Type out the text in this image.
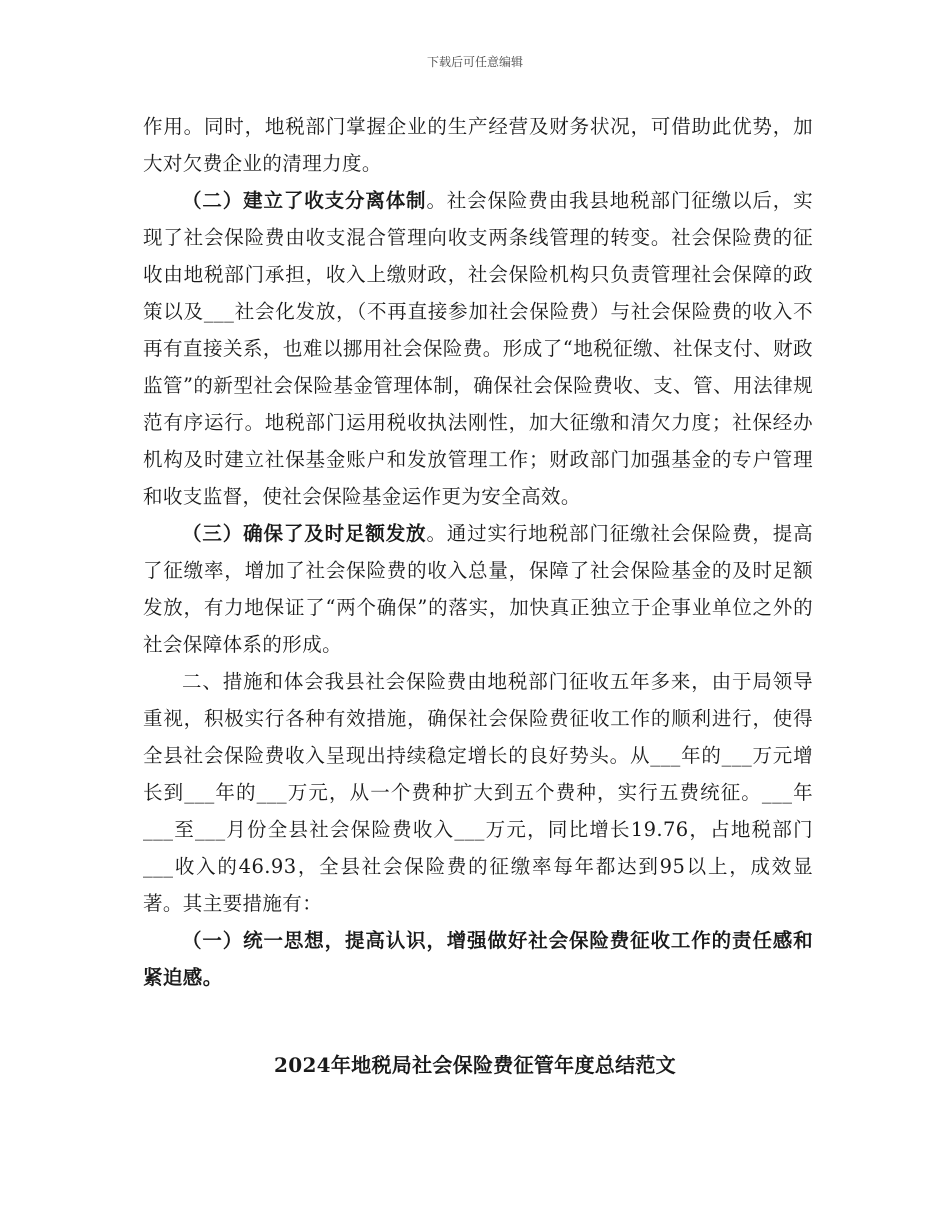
下载后可任意编辑

作用。同时，地税部门掌握企业的生产经营及财务状况，可借助此优势，加大对欠费企业的清理力度。

（二）建立了收支分离体制。社会保险费由我县地税部门征缴以后，实现了社会保险费由收支混合管理向收支两条线管理的转变。社会保险费的征收由地税部门承担，收入上缴财政，社会保险机构只负责管理社会保障的政策以及___社会化发放，（不再直接参加社会保险费）与社会保险费的收入不再有直接关系，也难以挪用社会保险费。形成了“地税征缴、社保支付、财政监管”的新型社会保险基金管理体制，确保社会保险费收、支、管、用法律规范有序运行。地税部门运用税收执法刚性，加大征缴和清欠力度；社保经办机构及时建立社保基金账户和发放管理工作；财政部门加强基金的专户管理和收支监督，使社会保险基金运作更为安全高效。

（三）确保了及时足额发放。通过实行地税部门征缴社会保险费，提高了征缴率，增加了社会保险费的收入总量，保障了社会保险基金的及时足额发放，有力地保证了“两个确保”的落实，加快真正独立于企事业单位之外的社会保障体系的形成。

二、措施和体会我县社会保险费由地税部门征收五年多来，由于局领导重视，积极实行各种有效措施，确保社会保险费征收工作的顺利进行，使得全县社会保险费收入呈现出持续稳定增长的良好势头。从___年的___万元增长到___年的___万元，从一个费种扩大到五个费种，实行五费统征。___年___至___月份全县社会保险费收入___万元，同比增长19.76，占地税部门___收入的46.93，全县社会保险费的征缴率每年都达到95以上，成效显著。其主要措施有：

（一）统一思想，提高认识，增强做好社会保险费征收工作的责任感和紧迫感。

2024年地税局社会保险费征管年度总结范文
